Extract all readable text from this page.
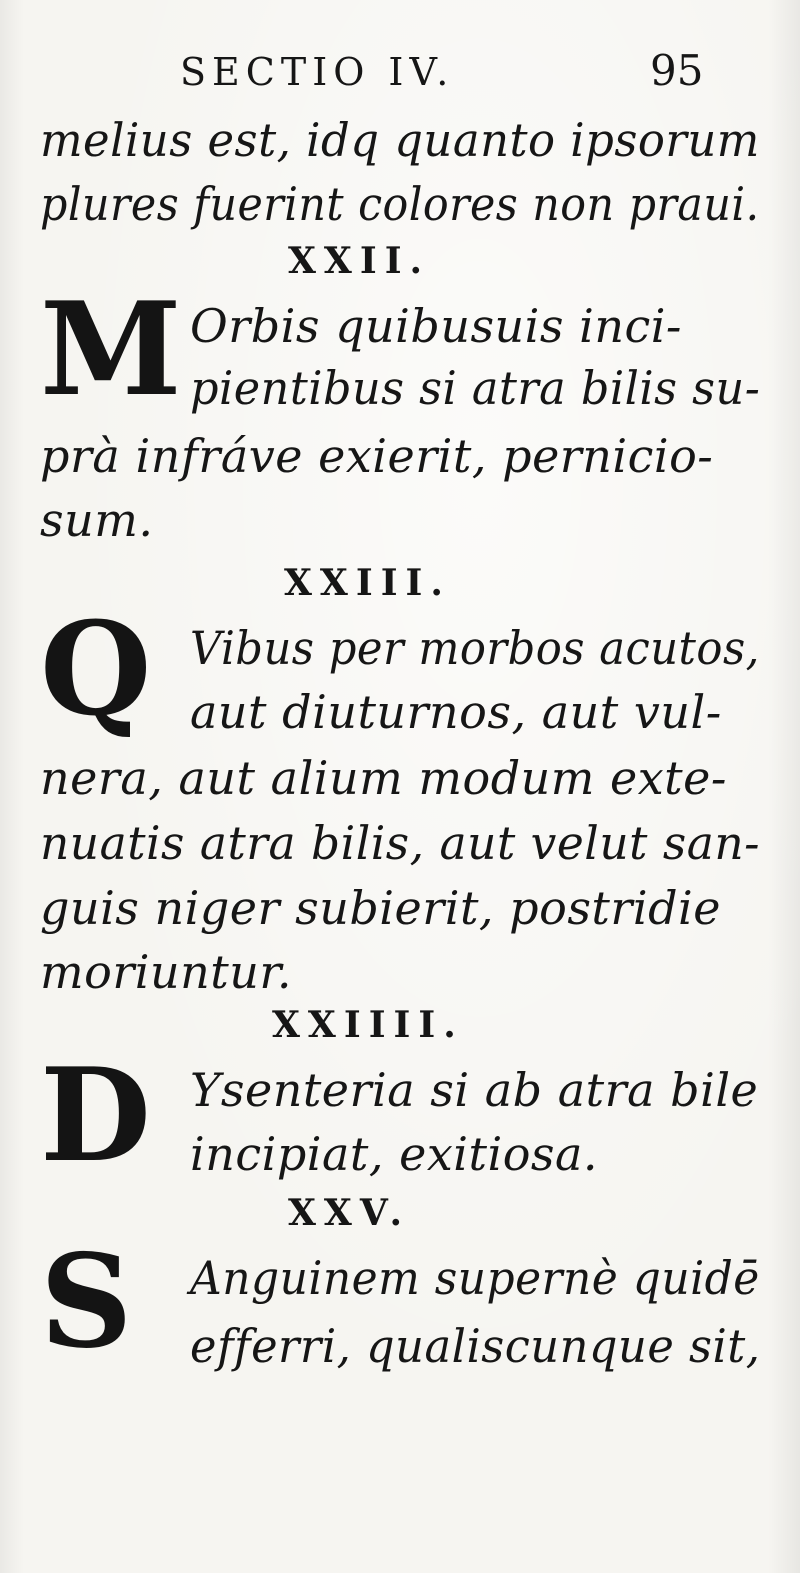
SECTIO IV.	95
melius est, idq quanto ipsorum
plures fuerint colores non praui.
XXII.
M Orbis quibusuis inci-
pientibus si atra bilis su-
prà infráve exierit, pernicio-
sum.
XXIII.
Q Vibus per morbos acutos,
aut diuturnos, aut vul-
nera, aut alium modum exte-
nuatis atra bilis, aut velut san-
guis niger subierit, postridie
moriuntur.
XXIIII.
D Ysenteria si ab atra bile
incipiat, exitiosa.
XXV.
S Anguinem supernè quidē
efferri, qualiscunque sit,
